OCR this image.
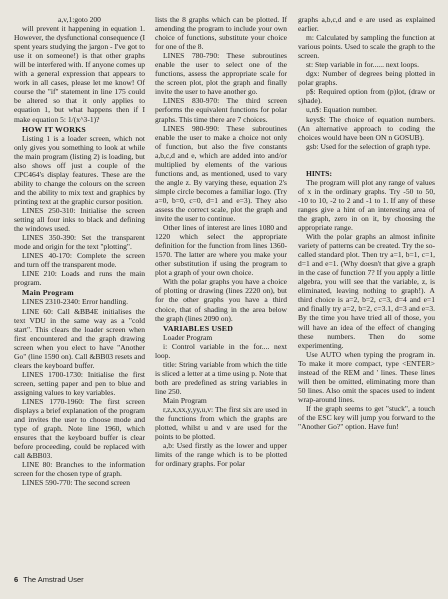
a,v,1:goto 200

will prevent it happening in equation 1. However, the dysfunctional consequence (I spent years studying the jargon - I've got to use it on someone!) is that other graphs will be interfered with. If anyone comes up with a general expression that appears to work in all cases, please let me know! Of course the "if" statement in line 175 could be altered so that it only applies to equation 1, but what happens then if I make equation 5: 1/(x^3-1)?

HOW IT WORKS

Listing 1 is a loader screen, which not only gives you something to look at while the main program (listing 2) is loading, but also shows off just a couple of the CPC464's display features. These are the ability to change the colours on the screen and the ability to mix text and graphics by printing text at the graphic cursor position.

LINES 250-310: Initialise the screen setting all four inks to black and defining the windows used.

LINES 350-390: Set the transparent mode and origin for the text "plotting".

LINES 40-170: Complete the screen and turn off the transparent mode.

LINE 210: Loads and runs the main program.

Main Program

LINES 2310-2340: Error handling.

LINE 60: Call &BB4E initialises the text VDU in the same way as a "cold start". This clears the loader screen when first encountered and the graph drawing screen when you elect to have "Another Go" (line 1590 on). Call &BB03 resets and clears the keyboard buffer.

LINES 1700-1730: Initialise the first screen, setting paper and pen to blue and assigning values to key variables.

LINES 1770-1960: The first screen displays a brief explanation of the program and invites the user to choose mode and type of graph. Note line 1960, which ensures that the keyboard buffer is clear before proceeding, could be replaced with call &BB03.

LINE 80: Branches to the information screen for the chosen type of graph.

LINES 590-770: The second screen

lists the 8 graphs which can be plotted. If amending the program to include your own choice of functions, substitute your choice for one of the 8.

LINES 780-790: These subroutines enable the user to select one of the functions, assess the appropriate scale for the screen plot, plot the graph and finally invite the user to have another go.

LINES 830-970: The third screen performs the equivalent functions for polar graphs. This time there are 7 choices.

LINES 980-990: These subroutines enable the user to make a choice not only of function, but also the five constants a,b,c,d and e, which are added into and/or multiplied by elements of the various functions and, as mentioned, used to vary the angle z. By varying these, equation 2's simple circle becomes a familiar logo. (Try a=0, b=0, c=0, d=1 and e=3). They also assess the correct scale, plot the graph and invite the user to continue.

Other lines of interest are lines 1080 and 1220 which select the appropriate definition for the function from lines 1360-1570. The latter are where you make your other substitution if using the program to plot a graph of your own choice.

With the polar graphs you have a choice of plotting or drawing (lines 2220 on), but for the other graphs you have a third choice, that of shading in the area below the graph (lines 2090 on).

VARIABLES USED

Loader Program

i: Control variable in the for.... next loop.

title: String variable from which the title is sliced a letter at a time using p. Note that both are predefined as string variables in line 250.

Main Program

r,z,x,xx,y,yy,u,v: The first six are used in the functions from which the graphs are plotted, whilst u and v are used for the points to be plotted.

a,b: Used firstly as the lower and upper limits of the range which is to be plotted for ordinary graphs. For polar

graphs a,b,c,d and e are used as explained earlier.

m: Calculated by sampling the function at various points. Used to scale the graph to the screen.

st: Step variable in for...... next loops.

dgx: Number of degrees being plotted in polar graphs.

p$: Required option from (p)lot, (draw or s)hade).

u,n$: Equation number.

keys$: The choice of equation numbers. (An alternative approach to coding the choices would have been ON n GOSUB).

gsb: Used for the selection of graph type.

HINTS:

The program will plot any range of values of x in the ordinary graphs. Try -50 to 50, -10 to 10, -2 to 2 and -1 to 1. If any of these ranges give a hint of an interesting area of the graph, zero in on it, by choosing the appropriate range.

With the polar graphs an almost infinite variety of patterns can be created. Try the so-called standard plot. Then try a=1, b=1, c=1, d=1 and e=1. (Why doesn't that give a graph in the case of function 7? If you apply a little algebra, you will see that the variable, z, is eliminated, leaving nothing to graph!). A third choice is a=2, b=2, c=3, d=4 and e=1 and finally try a=2, b=2, c=3.1, d=3 and e=3. By the time you have tried all of those, you will have an idea of the effect of changing these numbers. Then do some experimenting.

Use AUTO when typing the program in. To make it more compact, type <ENTER> instead of the REM and ' lines. These lines will then be omitted, eliminating more than 50 lines. Also omit the spaces used to indent wrap-around lines.

If the graph seems to get "stuck", a touch of the ESC key will jump you forward to the "Another Go?" option. Have fun!

6 The Amstrad User
